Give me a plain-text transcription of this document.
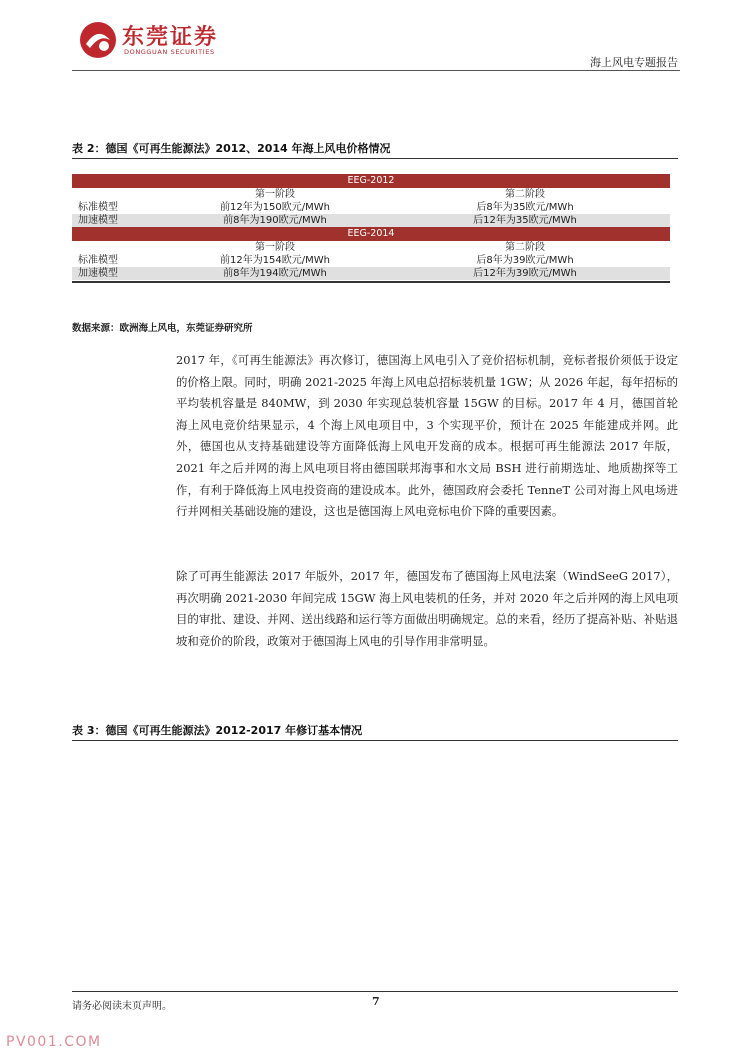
东莞证券
DONGGUAN SECURITIES
海上风电专题报告
表 2：德国《可再生能源法》2012、2014 年海上风电价格情况
EEG-2012
第一阶段	第二阶段
标准模型	前12年为150欧元/MWh	后8年为35欧元/MWh
加速模型	前8年为190欧元/MWh	后12年为35欧元/MWh
EEG-2014
第一阶段	第二阶段
标准模型	前12年为154欧元/MWh	后8年为39欧元/MWh
加速模型	前8年为194欧元/MWh	后12年为39欧元/MWh
数据来源：欧洲海上风电，东莞证券研究所

2017 年，《可再生能源法》再次修订，德国海上风电引入了竞价招标机制，竞标者报价须低于设定的价格上限。同时，明确 2021-2025 年海上风电总招标装机量 1GW；从 2026 年起，每年招标的平均装机容量是 840MW，到 2030 年实现总装机容量 15GW 的目标。2017 年 4 月，德国首轮海上风电竞价结果显示，4 个海上风电项目中，3 个实现平价，预计在 2025 年能建成并网。此外，德国也从支持基础建设等方面降低海上风电开发商的成本。根据可再生能源法 2017 年版，2021 年之后并网的海上风电项目将由德国联邦海事和水文局 BSH 进行前期选址、地质勘探等工作，有利于降低海上风电投资商的建设成本。此外，德国政府会委托 TenneT 公司对海上风电场进行并网相关基础设施的建设，这也是德国海上风电竞标电价下降的重要因素。

除了可再生能源法 2017 年版外，2017 年，德国发布了德国海上风电法案（WindSeeG 2017），再次明确 2021-2030 年间完成 15GW 海上风电装机的任务，并对 2020 年之后并网的海上风电项目的审批、建设、并网、送出线路和运行等方面做出明确规定。总的来看，经历了提高补贴、补贴退坡和竞价的阶段，政策对于德国海上风电的引导作用非常明显。

表 3：德国《可再生能源法》2012-2017 年修订基本情况
请务必阅读末页声明。	7
PV001.COM
